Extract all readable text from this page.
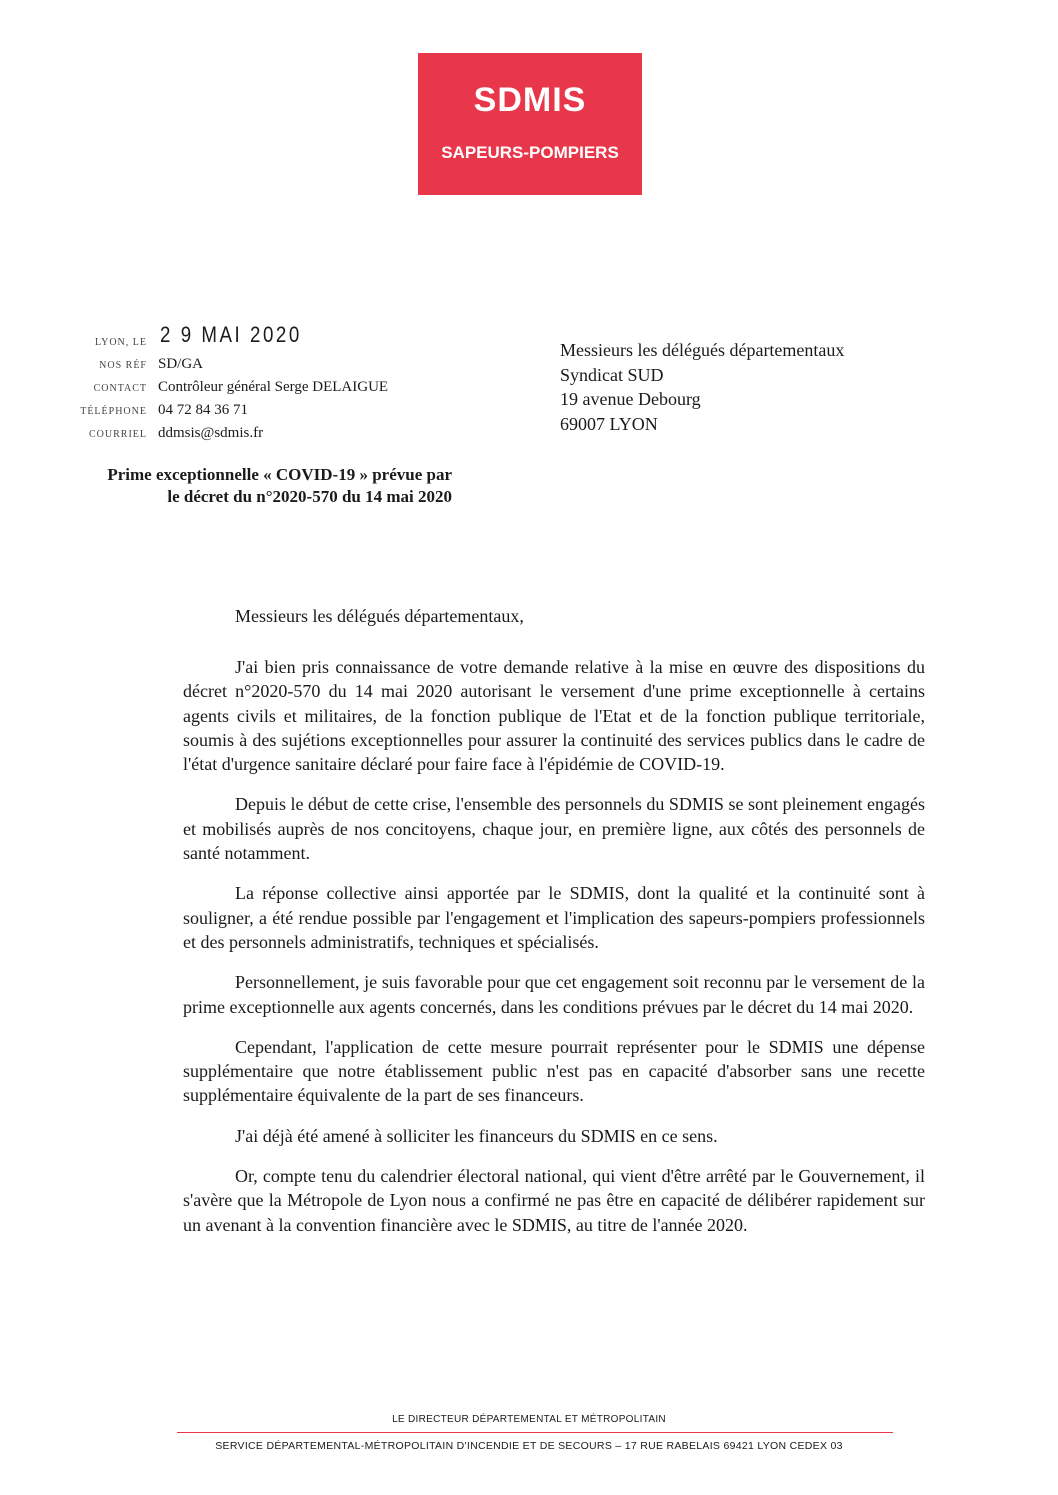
SDMIS
SAPEURS-POMPIERS
LYON, LE 2 9 MAI 2020
NOS RÉF SD/GA
CONTACT Contrôleur général Serge DELAIGUE
TÉLÉPHONE 04 72 84 36 71
COURRIEL ddmsis@sdmis.fr
Messieurs les délégués départementaux
Syndicat SUD
19 avenue Debourg
69007 LYON
Prime exceptionnelle « COVID-19 » prévue par
le décret du n°2020-570 du 14 mai 2020
Messieurs les délégués départementaux,

J'ai bien pris connaissance de votre demande relative à la mise en œuvre des dispositions du décret n°2020-570 du 14 mai 2020 autorisant le versement d'une prime exceptionnelle à certains agents civils et militaires, de la fonction publique de l'Etat et de la fonction publique territoriale, soumis à des sujétions exceptionnelles pour assurer la continuité des services publics dans le cadre de l'état d'urgence sanitaire déclaré pour faire face à l'épidémie de COVID-19.

Depuis le début de cette crise, l'ensemble des personnels du SDMIS se sont pleinement engagés et mobilisés auprès de nos concitoyens, chaque jour, en première ligne, aux côtés des personnels de santé notamment.

La réponse collective ainsi apportée par le SDMIS, dont la qualité et la continuité sont à souligner, a été rendue possible par l'engagement et l'implication des sapeurs-pompiers professionnels et des personnels administratifs, techniques et spécialisés.

Personnellement, je suis favorable pour que cet engagement soit reconnu par le versement de la prime exceptionnelle aux agents concernés, dans les conditions prévues par le décret du 14 mai 2020.

Cependant, l'application de cette mesure pourrait représenter pour le SDMIS une dépense supplémentaire que notre établissement public n'est pas en capacité d'absorber sans une recette supplémentaire équivalente de la part de ses financeurs.

J'ai déjà été amené à solliciter les financeurs du SDMIS en ce sens.

Or, compte tenu du calendrier électoral national, qui vient d'être arrêté par le Gouvernement, il s'avère que la Métropole de Lyon nous a confirmé ne pas être en capacité de délibérer rapidement sur un avenant à la convention financière avec le SDMIS, au titre de l'année 2020.

LE DIRECTEUR DÉPARTEMENTAL ET MÉTROPOLITAIN
SERVICE DÉPARTEMENTAL-MÉTROPOLITAIN D'INCENDIE ET DE SECOURS – 17 RUE RABELAIS 69421 LYON CEDEX 03
